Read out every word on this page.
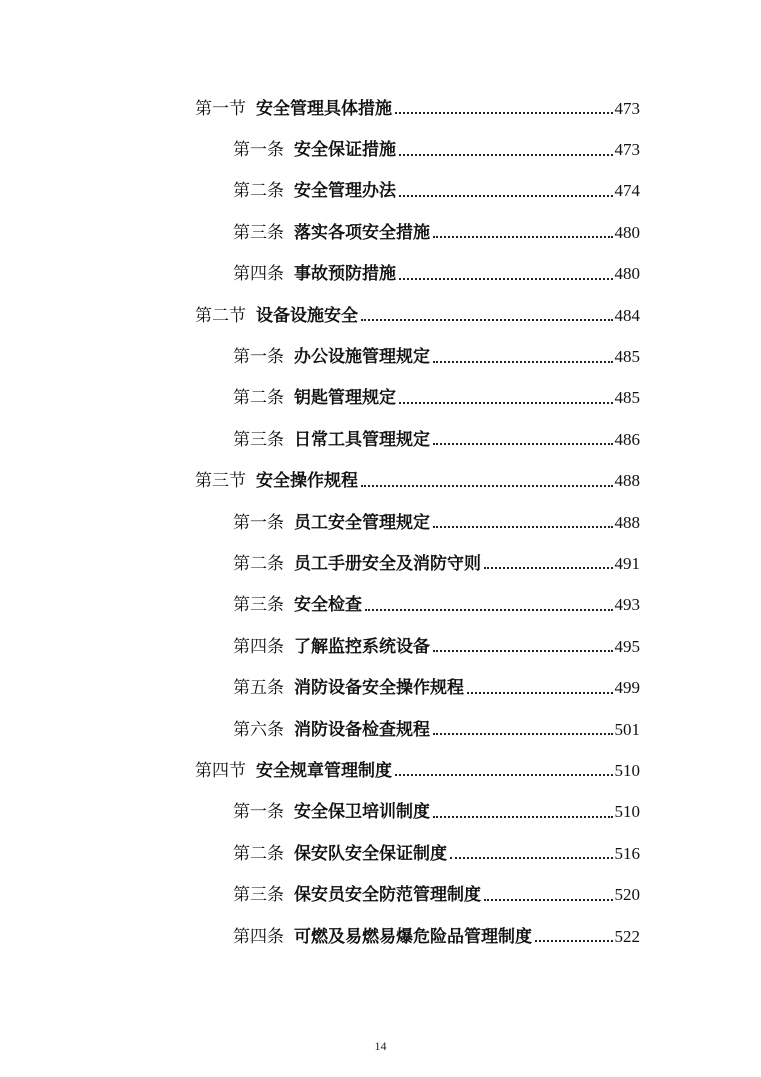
第一节 安全管理具体措施	473
第一条 安全保证措施	473
第二条 安全管理办法	474
第三条 落实各项安全措施	480
第四条 事故预防措施	480
第二节 设备设施安全	484
第一条 办公设施管理规定	485
第二条 钥匙管理规定	485
第三条 日常工具管理规定	486
第三节 安全操作规程	488
第一条 员工安全管理规定	488
第二条 员工手册安全及消防守则	491
第三条 安全检查	493
第四条 了解监控系统设备	495
第五条 消防设备安全操作规程	499
第六条 消防设备检查规程	501
第四节 安全规章管理制度	510
第一条 安全保卫培训制度	510
第二条 保安队安全保证制度	516
第三条 保安员安全防范管理制度	520
第四条 可燃及易燃易爆危险品管理制度	522
14
